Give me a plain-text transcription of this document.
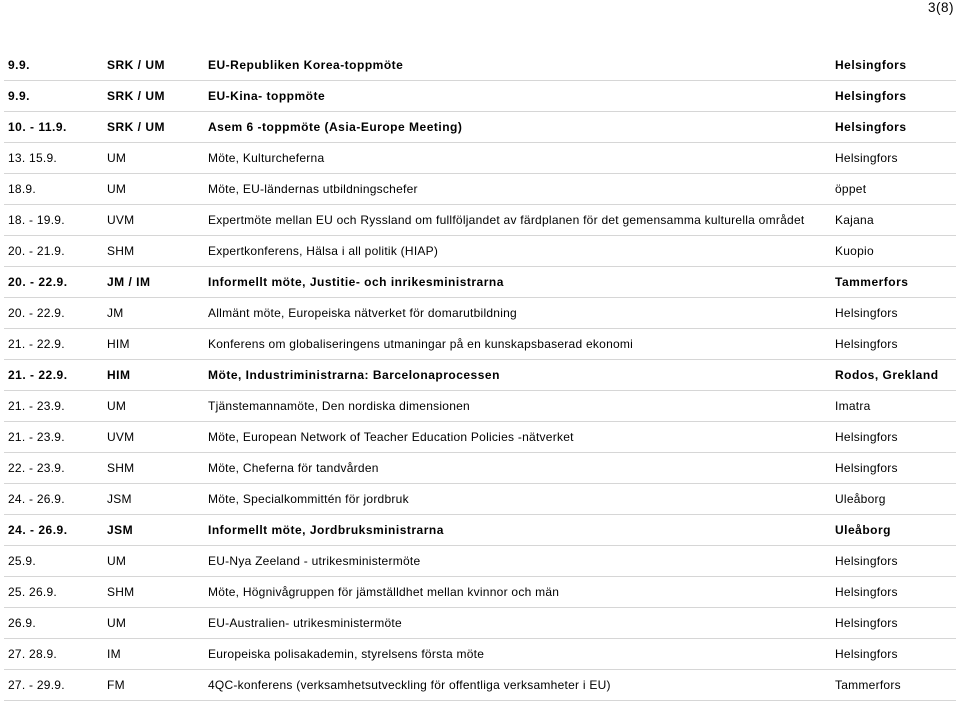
3(8)
9.9.	SRK / UM	EU-Republiken Korea-toppmöte	Helsingfors
9.9.	SRK / UM	EU-Kina- toppmöte	Helsingfors
10. - 11.9.	SRK / UM	Asem 6 -toppmöte (Asia-Europe Meeting)	Helsingfors
13. 15.9.	UM	Möte, Kulturcheferna	Helsingfors
18.9.	UM	Möte, EU-ländernas utbildningschefer	öppet
18. - 19.9.	UVM	Expertmöte mellan EU och Ryssland om fullföljandet av färdplanen för det gemensamma kulturella området	Kajana
20. - 21.9.	SHM	Expertkonferens, Hälsa i all politik (HIAP)	Kuopio
20. - 22.9.	JM / IM	Informellt möte, Justitie- och inrikesministrarna	Tammerfors
20. - 22.9.	JM	Allmänt möte, Europeiska nätverket för domarutbildning	Helsingfors
21. - 22.9.	HIM	Konferens om globaliseringens utmaningar på en kunskapsbaserad ekonomi	Helsingfors
21. - 22.9.	HIM	Möte, Industriministrarna: Barcelonaprocessen	Rodos, Grekland
21. - 23.9.	UM	Tjänstemannamöte, Den nordiska dimensionen	Imatra
21. - 23.9.	UVM	Möte, European Network of Teacher Education Policies -nätverket	Helsingfors
22. - 23.9.	SHM	Möte, Cheferna för tandvården	Helsingfors
24. - 26.9.	JSM	Möte, Specialkommittén för jordbruk	Uleåborg
24. - 26.9.	JSM	Informellt möte, Jordbruksministrarna	Uleåborg
25.9.	UM	EU-Nya Zeeland - utrikesministermöte	Helsingfors
25. 26.9.	SHM	Möte, Högnivågruppen för jämställdhet mellan kvinnor och män	Helsingfors
26.9.	UM	EU-Australien- utrikesministermöte	Helsingfors
27. 28.9.	IM	Europeiska polisakademin, styrelsens första möte	Helsingfors
27. - 29.9.	FM	4QC-konferens (verksamhetsutveckling för offentliga verksamheter i EU)	Tammerfors
